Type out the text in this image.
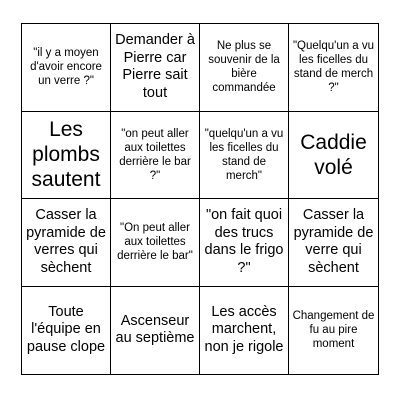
"il y a moyen d'avoir encore un verre ?"
Demander à Pierre car Pierre sait tout
Ne plus se souvenir de la bière commandée
"Quelqu'un a vu les ficelles du stand de merch ?"
Les plombs sautent
"on peut aller aux toilettes derrière le bar ?"
"quelqu'un a vu les ficelles du stand de merch"
Caddie volé
Casser la pyramide de verres qui sèchent
"On peut aller aux toilettes derrière le bar"
"on fait quoi des trucs dans le frigo ?"
Casser la pyramide de verre qui sèchent
Toute l'équipe en pause clope
Ascenseur au septième
Les accès marchent, non je rigole
Changement de fu au pire moment
